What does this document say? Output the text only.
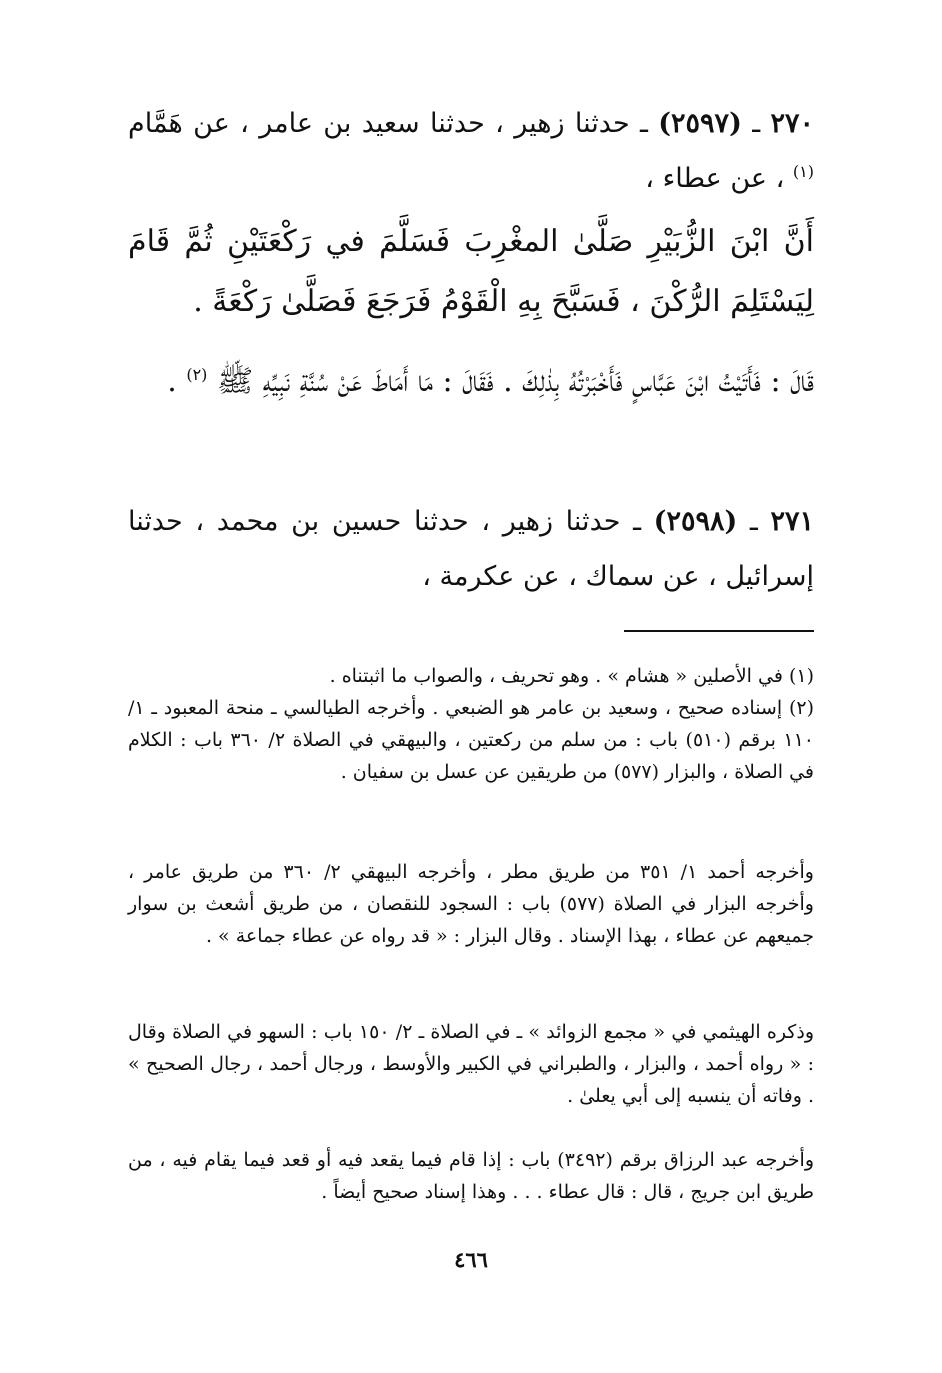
٢٧٠ ـ (٢٥٩٧) ـ حدثنا زهير ، حدثنا سعيد بن عامر ، عن هَمَّام $^{(١)}$ ، عن عطاء ،

أَنَّ ابْنَ الزُّبَيْرِ صَلَّىٰ المغْرِبَ فَسَلَّمَ في رَكْعَتَيْنِ ثُمَّ قَامَ لِيَسْتَلِمَ الرُّكْنَ ، فَسَبَّحَ بِهِ الْقَوْمُ فَرَجَعَ فَصَلَّىٰ رَكْعَةً .

قَالَ : فَأَتَيْتُ ابْنَ عَبَّاسٍ فَأَخْبَرْتُهُ بِذٰلِكَ . فَقَالَ : مَا أَمَاطَ عَنْ سُنَّةِ نَبِيِّهِ ﷺ $^{(٢)}$ .

٢٧١ ـ (٢٥٩٨) ـ حدثنا زهير ، حدثنا حسين بن محمد ، حدثنا إسرائيل ، عن سماك ، عن عكرمة ،

(١) في الأصلين « هشام » . وهو تحريف ، والصواب ما اثبتناه .

(٢) إسناده صحيح ، وسعيد بن عامر هو الضبعي . وأخرجه الطيالسي ـ منحة المعبود ـ ١/ ١١٠ برقم (٥١٠) باب : من سلم من ركعتين ، والبيهقي في الصلاة ٢/ ٣٦٠ باب : الكلام في الصلاة ، والبزار (٥٧٧) من طريقين عن عسل بن سفيان .

وأخرجه أحمد ١/ ٣٥١ من طريق مطر ، وأخرجه البيهقي ٢/ ٣٦٠ من طريق عامر ، وأخرجه البزار في الصلاة (٥٧٧) باب : السجود للنقصان ، من طريق أشعث بن سوار جميعهم عن عطاء ، بهذا الإسناد . وقال البزار : « قد رواه عن عطاء جماعة » .

وذكره الهيثمي في « مجمع الزوائد » ـ في الصلاة ـ ٢/ ١٥٠ باب : السهو في الصلاة وقال : « رواه أحمد ، والبزار ، والطبراني في الكبير والأوسط ، ورجال أحمد ، رجال الصحيح » . وفاته أن ينسبه إلى أبي يعلىٰ .

وأخرجه عبد الرزاق برقم (٣٤٩٢) باب : إذا قام فيما يقعد فيه أو قعد فيما يقام فيه ، من طريق ابن جريج ، قال : قال عطاء . . . وهذا إسناد صحيح أيضاً .

٤٦٦
